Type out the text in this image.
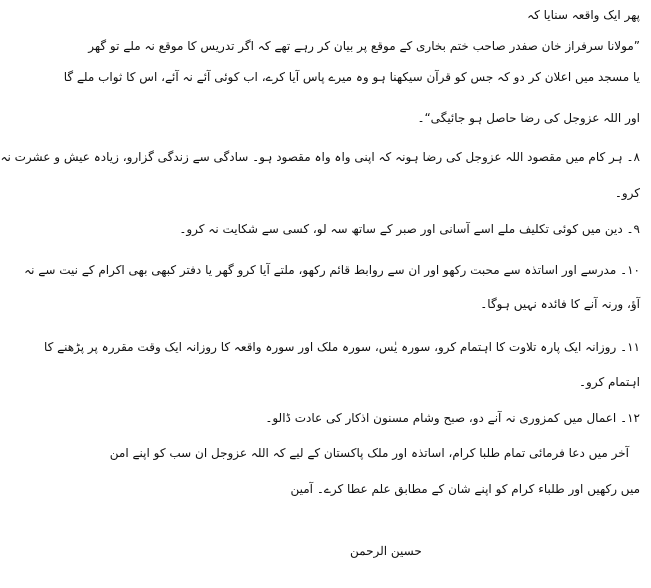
پھر ایک واقعہ سنایا کہ
”مولانا سرفراز خان صفدر صاحب ختم بخاری کے موقع پر بیان کر رہے تھے کہ اگر تدریس کا موقع نہ ملے تو گھر
یا مسجد میں اعلان کر دو کہ جس کو قرآن سیکھنا ہو وہ میرے پاس آیا کرے، اب کوئی آئے نہ آئے، اس کا ثواب ملے گا
اور اللہ عزوجل کی رضا حاصل ہو جائیگی“۔
۸۔ ہر کام میں مقصود اللہ عزوجل کی رضا ہونہ کہ اپنی واہ واہ مقصود ہو۔ سادگی سے زندگی گزارو، زیادہ عیش و عشرت نہ
کرو۔
۹۔ دین میں کوئی تکلیف ملے اسے آسانی اور صبر کے ساتھ سہ لو، کسی سے شکایت نہ کرو۔
۱۰۔ مدرسے اور اساتذہ سے محبت رکھو اور ان سے روابط قائم رکھو، ملتے آیا کرو گھر یا دفتر کبھی بھی اکرام کے نیت سے نہ
آؤ، ورنہ آنے کا فائدہ نہیں ہوگا۔
۱۱۔ روزانہ ایک پارہ تلاوت کا اہتمام کرو، سورہ یٰس، سورہ ملک اور سورہ واقعہ کا روزانہ ایک وقت مقررہ پر پڑھنے کا
اہتمام کرو۔
۱۲۔ اعمال میں کمزوری نہ آنے دو، صبح وشام مسنون اذکار کی عادت ڈالو۔
آخر میں دعا فرمائی تمام طلبا کرام، اساتذہ اور ملک پاکستان کے لیے کہ اللہ عزوجل ان سب کو اپنے امن
میں رکھیں اور طلباء کرام کو اپنے شان کے مطابق علم عطا کرے۔ آمین
حسین الرحمن
